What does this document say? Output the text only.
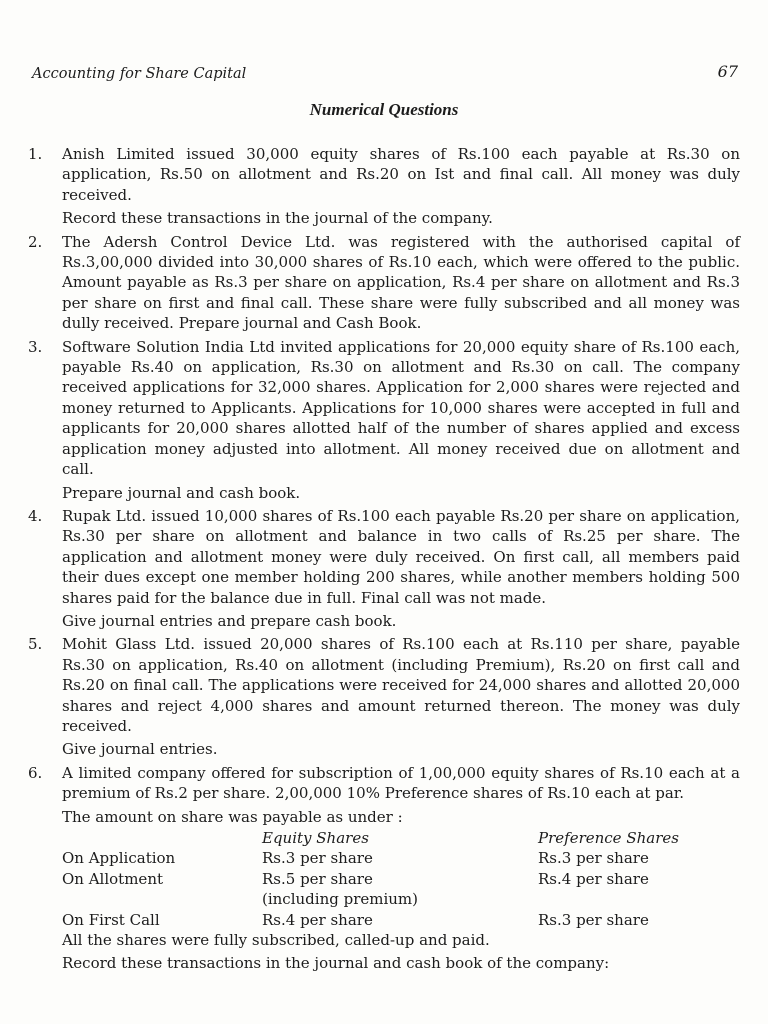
Accounting for Share Capital	67
Numerical Questions
1. Anish Limited issued 30,000 equity shares of Rs.100 each payable at Rs.30 on application, Rs.50 on allotment and Rs.20 on Ist and final call. All money was duly received.

Record these transactions in the journal of the company.

2. The Adersh Control Device Ltd. was registered with the authorised capital of Rs.3,00,000 divided into 30,000 shares of Rs.10 each, which were offered to the public. Amount payable as Rs.3 per share on application, Rs.4 per share on allotment and Rs.3 per share on first and final call. These share were fully subscribed and all money was dully received. Prepare journal and Cash Book.

3. Software Solution India Ltd invited applications for 20,000 equity share of Rs.100 each, payable Rs.40 on application, Rs.30 on allotment and Rs.30 on call. The company received applications for 32,000 shares. Application for 2,000 shares were rejected and money returned to Applicants. Applications for 10,000 shares were accepted in full and applicants for 20,000 shares allotted half of the number of shares applied and excess application money adjusted into allotment. All money received due on allotment and call.

Prepare journal and cash book.

4. Rupak Ltd. issued 10,000 shares of Rs.100 each payable Rs.20 per share on application, Rs.30 per share on allotment and balance in two calls of Rs.25 per share. The application and allotment money were duly received. On first call, all members paid their dues except one member holding 200 shares, while another members holding 500 shares paid for the balance due in full. Final call was not made.

Give journal entries and prepare cash book.

5. Mohit Glass Ltd. issued 20,000 shares of Rs.100 each at Rs.110 per share, payable Rs.30 on application, Rs.40 on allotment (including Premium), Rs.20 on first call and Rs.20 on final call. The applications were received for 24,000 shares and allotted 20,000 shares and reject 4,000 shares and amount returned thereon. The money was duly received.

Give journal entries.

6. A limited company offered for subscription of 1,00,000 equity shares of Rs.10 each at a premium of Rs.2 per share. 2,00,000 10% Preference shares of Rs.10 each at par.

The amount on share was payable as under :

	Equity Shares	Preference Shares
On Application	Rs.3 per share	Rs.3 per share
On Allotment	Rs.5 per share	Rs.4 per share
	(including premium)	
On First Call	Rs.4 per share	Rs.3 per share

All the shares were fully subscribed, called-up and paid.

Record these transactions in the journal and cash book of the company:
